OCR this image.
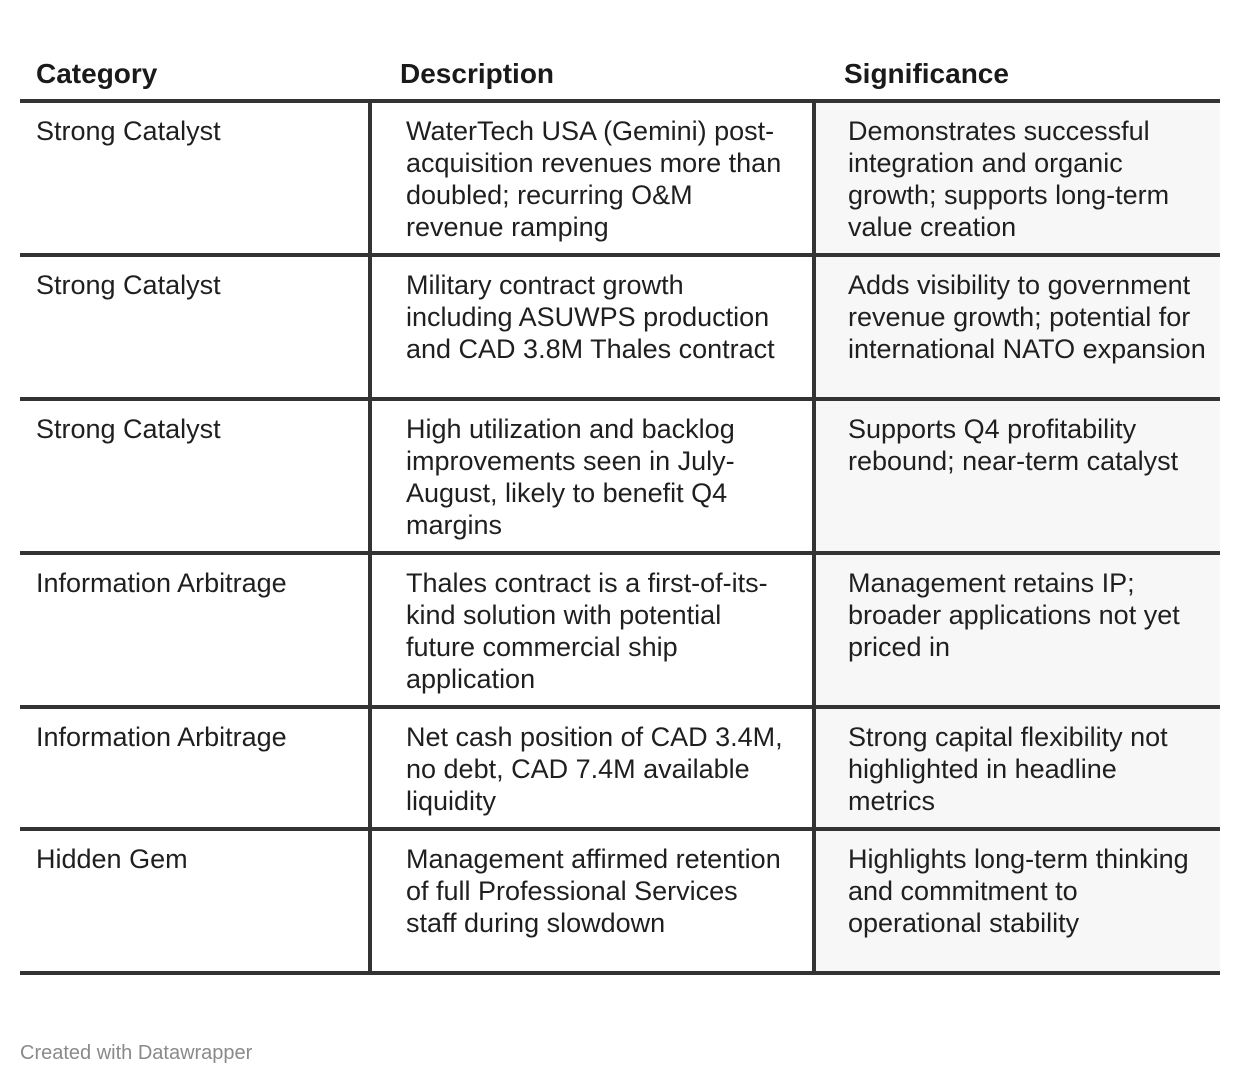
Category	Description	Significance
Strong Catalyst	WaterTech USA (Gemini) post-acquisition revenues more than doubled; recurring O&M revenue ramping	Demonstrates successful integration and organic growth; supports long-term value creation
Strong Catalyst	Military contract growth including ASUWPS production and CAD 3.8M Thales contract	Adds visibility to government revenue growth; potential for international NATO expansion
Strong Catalyst	High utilization and backlog improvements seen in July-August, likely to benefit Q4 margins	Supports Q4 profitability rebound; near-term catalyst
Information Arbitrage	Thales contract is a first-of-its-kind solution with potential future commercial ship application	Management retains IP; broader applications not yet priced in
Information Arbitrage	Net cash position of CAD 3.4M, no debt, CAD 7.4M available liquidity	Strong capital flexibility not highlighted in headline metrics
Hidden Gem	Management affirmed retention of full Professional Services staff during slowdown	Highlights long-term thinking and commitment to operational stability
Created with Datawrapper
